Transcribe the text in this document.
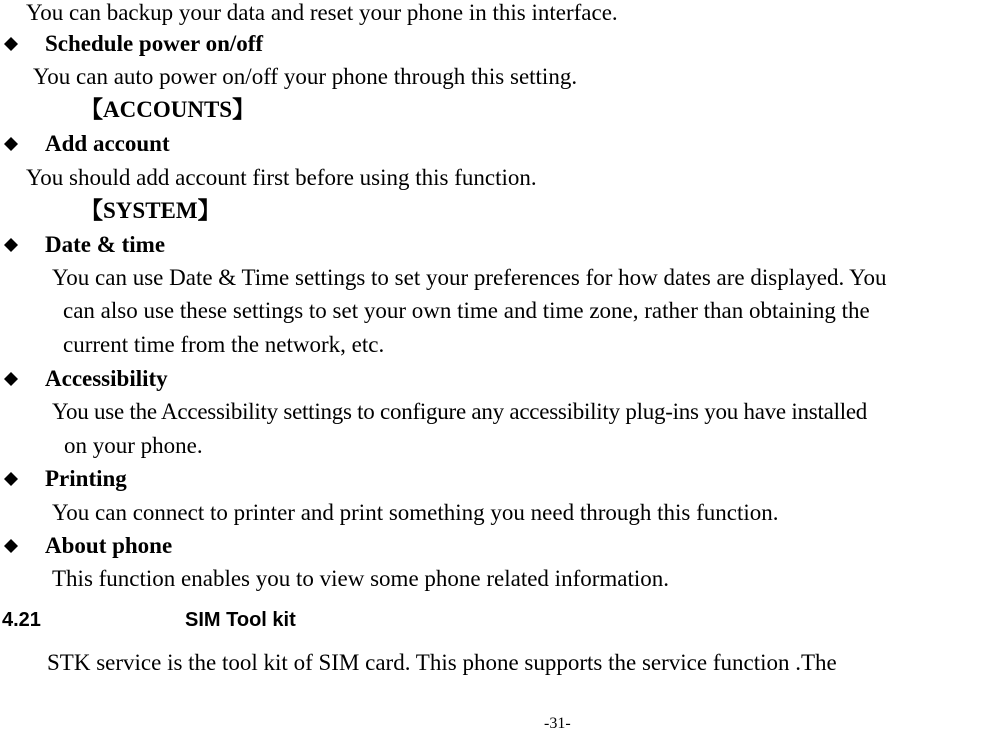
You can backup your data and reset your phone in this interface.
Schedule power on/off
You can auto power on/off your phone through this setting.
【ACCOUNTS】
Add account
You should add account first before using this function.
【SYSTEM】
Date & time
You can use Date & Time settings to set your preferences for how dates are displayed. You
can also use these settings to set your own time and time zone, rather than obtaining the
current time from the network, etc.
Accessibility
You use the Accessibility settings to configure any accessibility plug-ins you have installed
on your phone.
Printing
You can connect to printer and print something you need through this function.
About phone
This function enables you to view some phone related information.
4.21	SIM Tool kit
STK service is the tool kit of SIM card. This phone supports the service function .The
-31-
